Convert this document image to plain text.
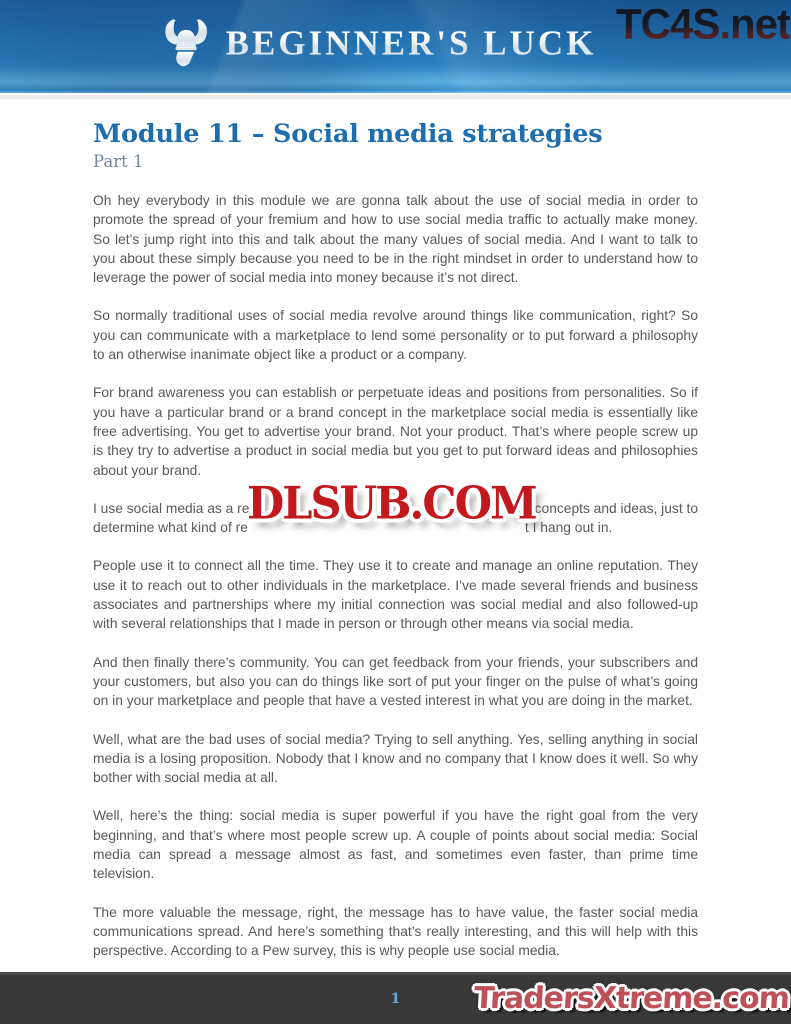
BEGINNER'S LUCK TC4S.net
Module 11 – Social media strategies
Part 1
Oh hey everybody in this module we are gonna talk about the use of social media in order to promote the spread of your fremium and how to use social media traffic to actually make money. So let’s jump right into this and talk about the many values of social media. And I want to talk to you about these simply because you need to be in the right mindset in order to understand how to leverage the power of social media into money because it’s not direct.
So normally traditional uses of social media revolve around things like communication, right? So you can communicate with a marketplace to lend some personality or to put forward a philosophy to an otherwise inanimate object like a product or a company.
For brand awareness you can establish or perpetuate ideas and positions from personalities. So if you have a particular brand or a brand concept in the marketplace social media is essentially like free advertising. You get to advertise your brand. Not your product. That’s where people screw up is they try to advertise a product in social media but you get to put forward ideas and philosophies about your brand.
I use social media as a rese	concepts and ideas, just to
determine what kind of re	t I hang out in.
People use it to connect all the time. They use it to create and manage an online reputation. They use it to reach out to other individuals in the marketplace. I’ve made several friends and business associates and partnerships where my initial connection was social medial and also followed-up with several relationships that I made in person or through other means via social media.
And then finally there’s community. You can get feedback from your friends, your subscribers and your customers, but also you can do things like sort of put your finger on the pulse of what’s going on in your marketplace and people that have a vested interest in what you are doing in the market.
Well, what are the bad uses of social media? Trying to sell anything. Yes, selling anything in social media is a losing proposition. Nobody that I know and no company that I know does it well. So why bother with social media at all.
Well, here’s the thing: social media is super powerful if you have the right goal from the very beginning, and that’s where most people screw up. A couple of points about social media: Social media can spread a message almost as fast, and sometimes even faster, than prime time television.
The more valuable the message, right, the message has to have value, the faster social media communications spread. And here’s something that’s really interesting, and this will help with this perspective. According to a Pew survey, this is why people use social media.
DLSUB.COM
1	TradersXtreme.com
